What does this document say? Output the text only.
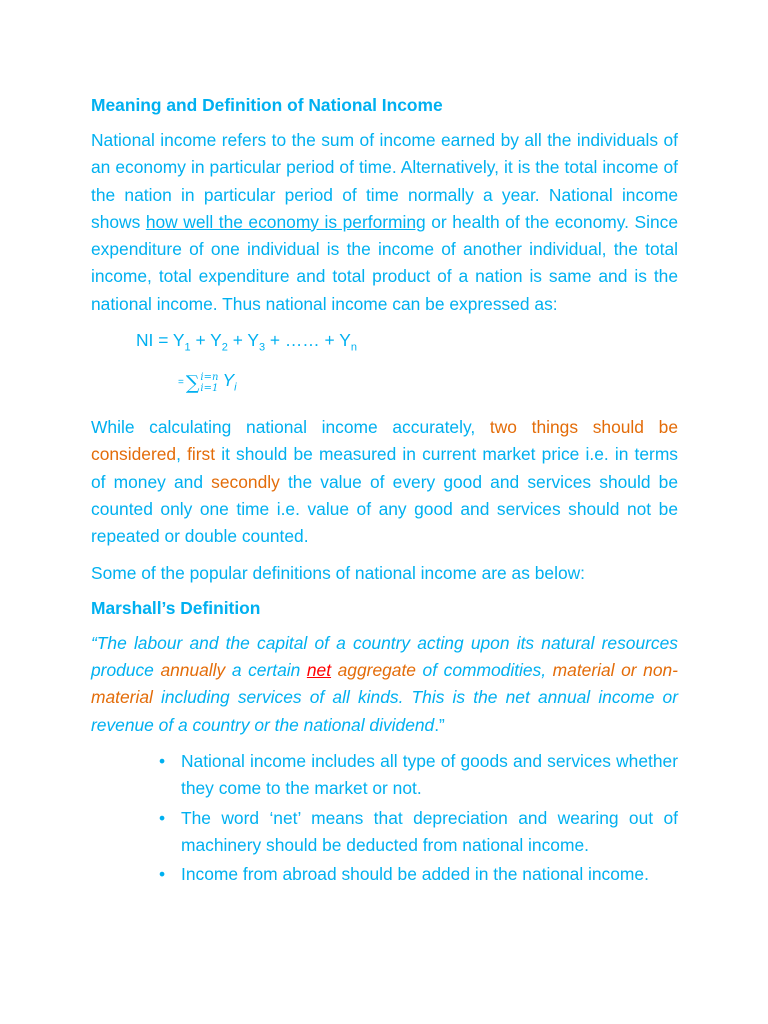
Meaning and Definition of National Income

National income refers to the sum of income earned by all the individuals of an economy in particular period of time. Alternatively, it is the total income of the nation in particular period of time normally a year. National income shows how well the economy is performing or health of the economy. Since expenditure of one individual is the income of another individual, the total income, total expenditure and total product of a nation is same and is the national income. Thus national income can be expressed as:

NI = $Y_1 + Y_2 + Y_3$ + …… + $Y_n$
= ∑ i=n
i=1 $Y_i$

While calculating national income accurately, two things should be considered, first it should be measured in current market price i.e. in terms of money and secondly the value of every good and services should be counted only one time i.e. value of any good and services should not be repeated or double counted.

Some of the popular definitions of national income are as below:

Marshall’s Definition

“The labour and the capital of a country acting upon its natural resources produce annually a certain net aggregate of commodities, material or non-material including services of all kinds. This is the net annual income or revenue of a country or the national dividend.”

• National income includes all type of goods and services whether they come to the market or not.
• The word ‘net’ means that depreciation and wearing out of machinery should be deducted from national income.
• Income from abroad should be added in the national income.
